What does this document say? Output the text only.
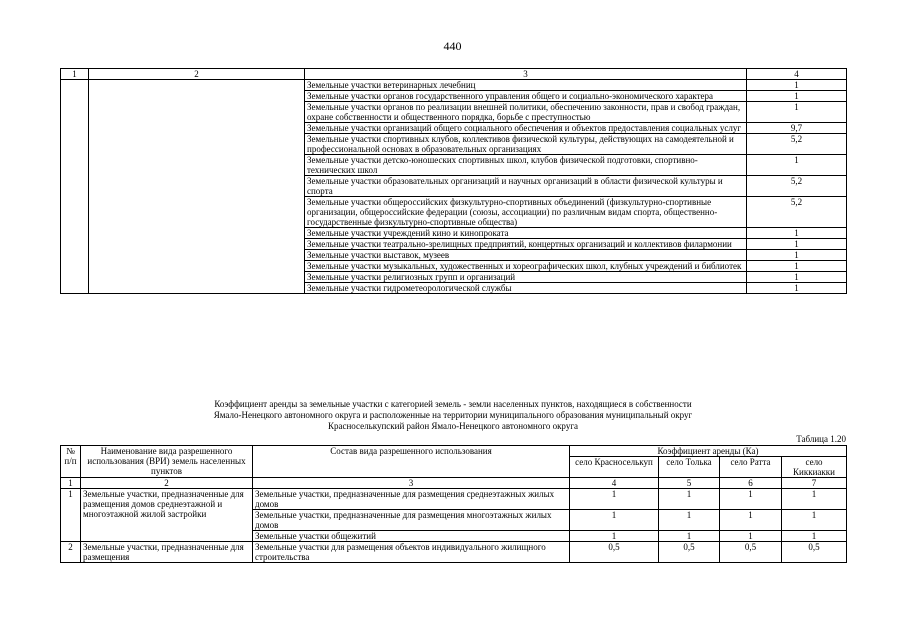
440
1	2	3	4
		Земельные участки ветеринарных лечебниц	1
		Земельные участки органов государственного управления общего и социально-экономического характера	1
		Земельные участки органов по реализации внешней политики, обеспечению законности, прав и свобод граждан, охране собственности и общественного порядка, борьбе с преступностью	1
		Земельные участки организаций общего социального обеспечения и объектов предоставления социальных услуг	9,7
		Земельные участки спортивных клубов, коллективов физической культуры, действующих на самодеятельной и профессиональной основах в образовательных организациях	5,2
		Земельные участки детско-юношеских спортивных школ, клубов физической подготовки, спортивно-технических школ	1
		Земельные участки образовательных организаций и научных организаций в области физической культуры и спорта	5,2
		Земельные участки общероссийских физкультурно-спортивных объединений (физкультурно-спортивные организации, общероссийские федерации (союзы, ассоциации) по различным видам спорта, общественно-государственные физкультурно-спортивные общества)	5,2
		Земельные участки учреждений кино и кинопроката	1
		Земельные участки театрально-зрелищных предприятий, концертных организаций и коллективов филармонии	1
		Земельные участки выставок, музеев	1
		Земельные участки музыкальных, художественных и хореографических школ, клубных учреждений и библиотек	1
		Земельные участки религиозных групп и организаций	1
		Земельные участки гидрометеорологической службы	1
Коэффициент аренды за земельные участки с категорией земель - земли населенных пунктов, находящиеся в собственности
Ямало-Ненецкого автономного округа и расположенные на территории муниципального образования муниципальный округ
Красноселькупский район Ямало-Ненецкого автономного округа
Таблица 1.20
№ п/п	Наименование вида разрешенного использования (ВРИ) земель населенных пунктов	Состав вида разрешенного использования	Коэффициент аренды (Ка)			
			село Красноселькуп	село Толька	село Ратта	село Киккиакки
1	2	3	4	5	6	7
1	Земельные участки, предназначенные для размещения домов среднеэтажной и многоэтажной жилой застройки	Земельные участки, предназначенные для размещения среднеэтажных жилых домов	1	1	1	1
		Земельные участки, предназначенные для размещения многоэтажных жилых домов	1	1	1	1
		Земельные участки общежитий	1	1	1	1
2	Земельные участки, предназначенные для размещения	Земельные участки для размещения объектов индивидуального жилищного строительства	0,5	0,5	0,5	0,5
